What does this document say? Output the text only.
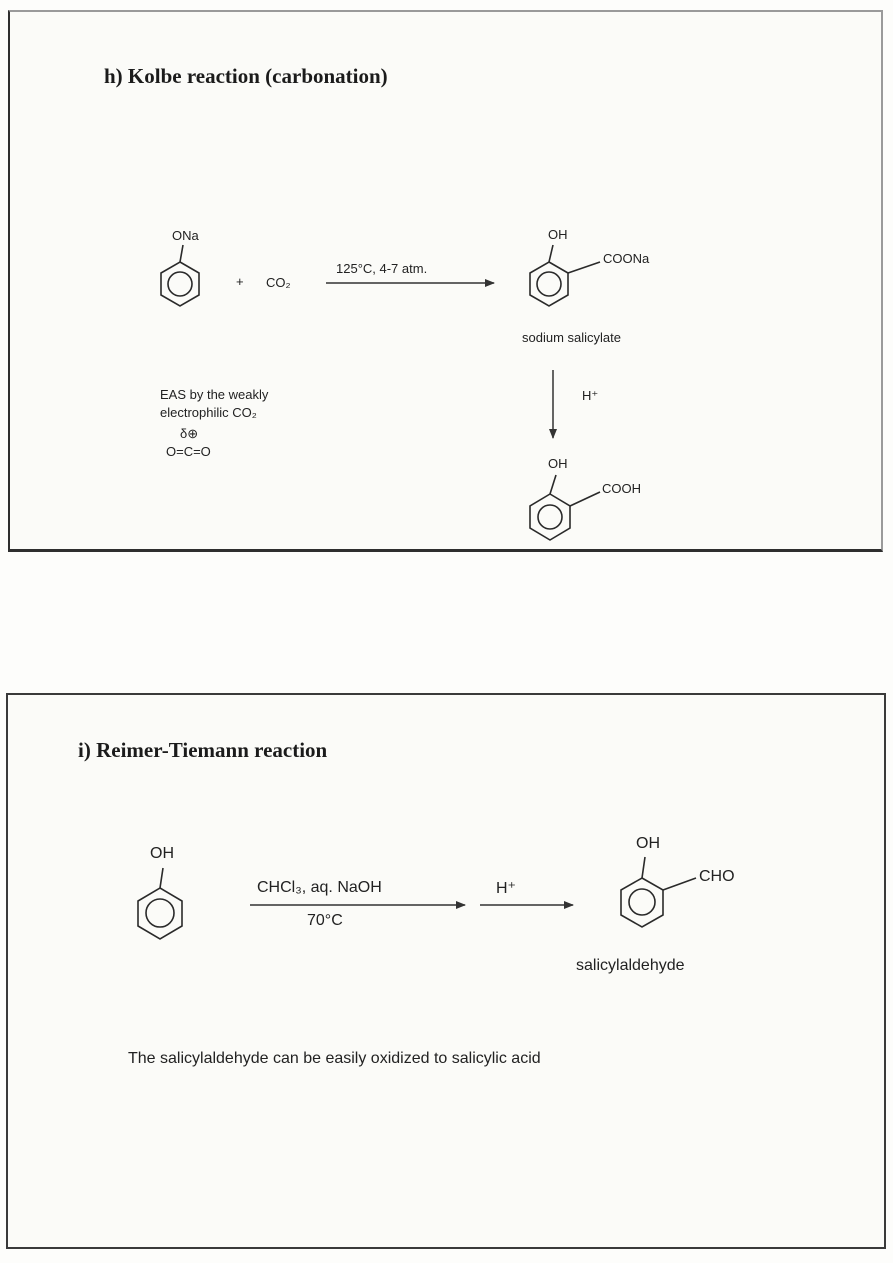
h) Kolbe reaction (carbonation)
ONa
+ CO₂
125°C, 4-7 atm.
OH
COONa
sodium salicylate
H⁺
EAS by the weakly
electrophilic CO₂
δ⊕
O=C=O
OH
COOH
i) Reimer-Tiemann reaction
OH
CHCl₃, aq. NaOH
70°C
H⁺
OH
CHO
salicylaldehyde
The salicylaldehyde can be easily oxidized to salicylic acid
